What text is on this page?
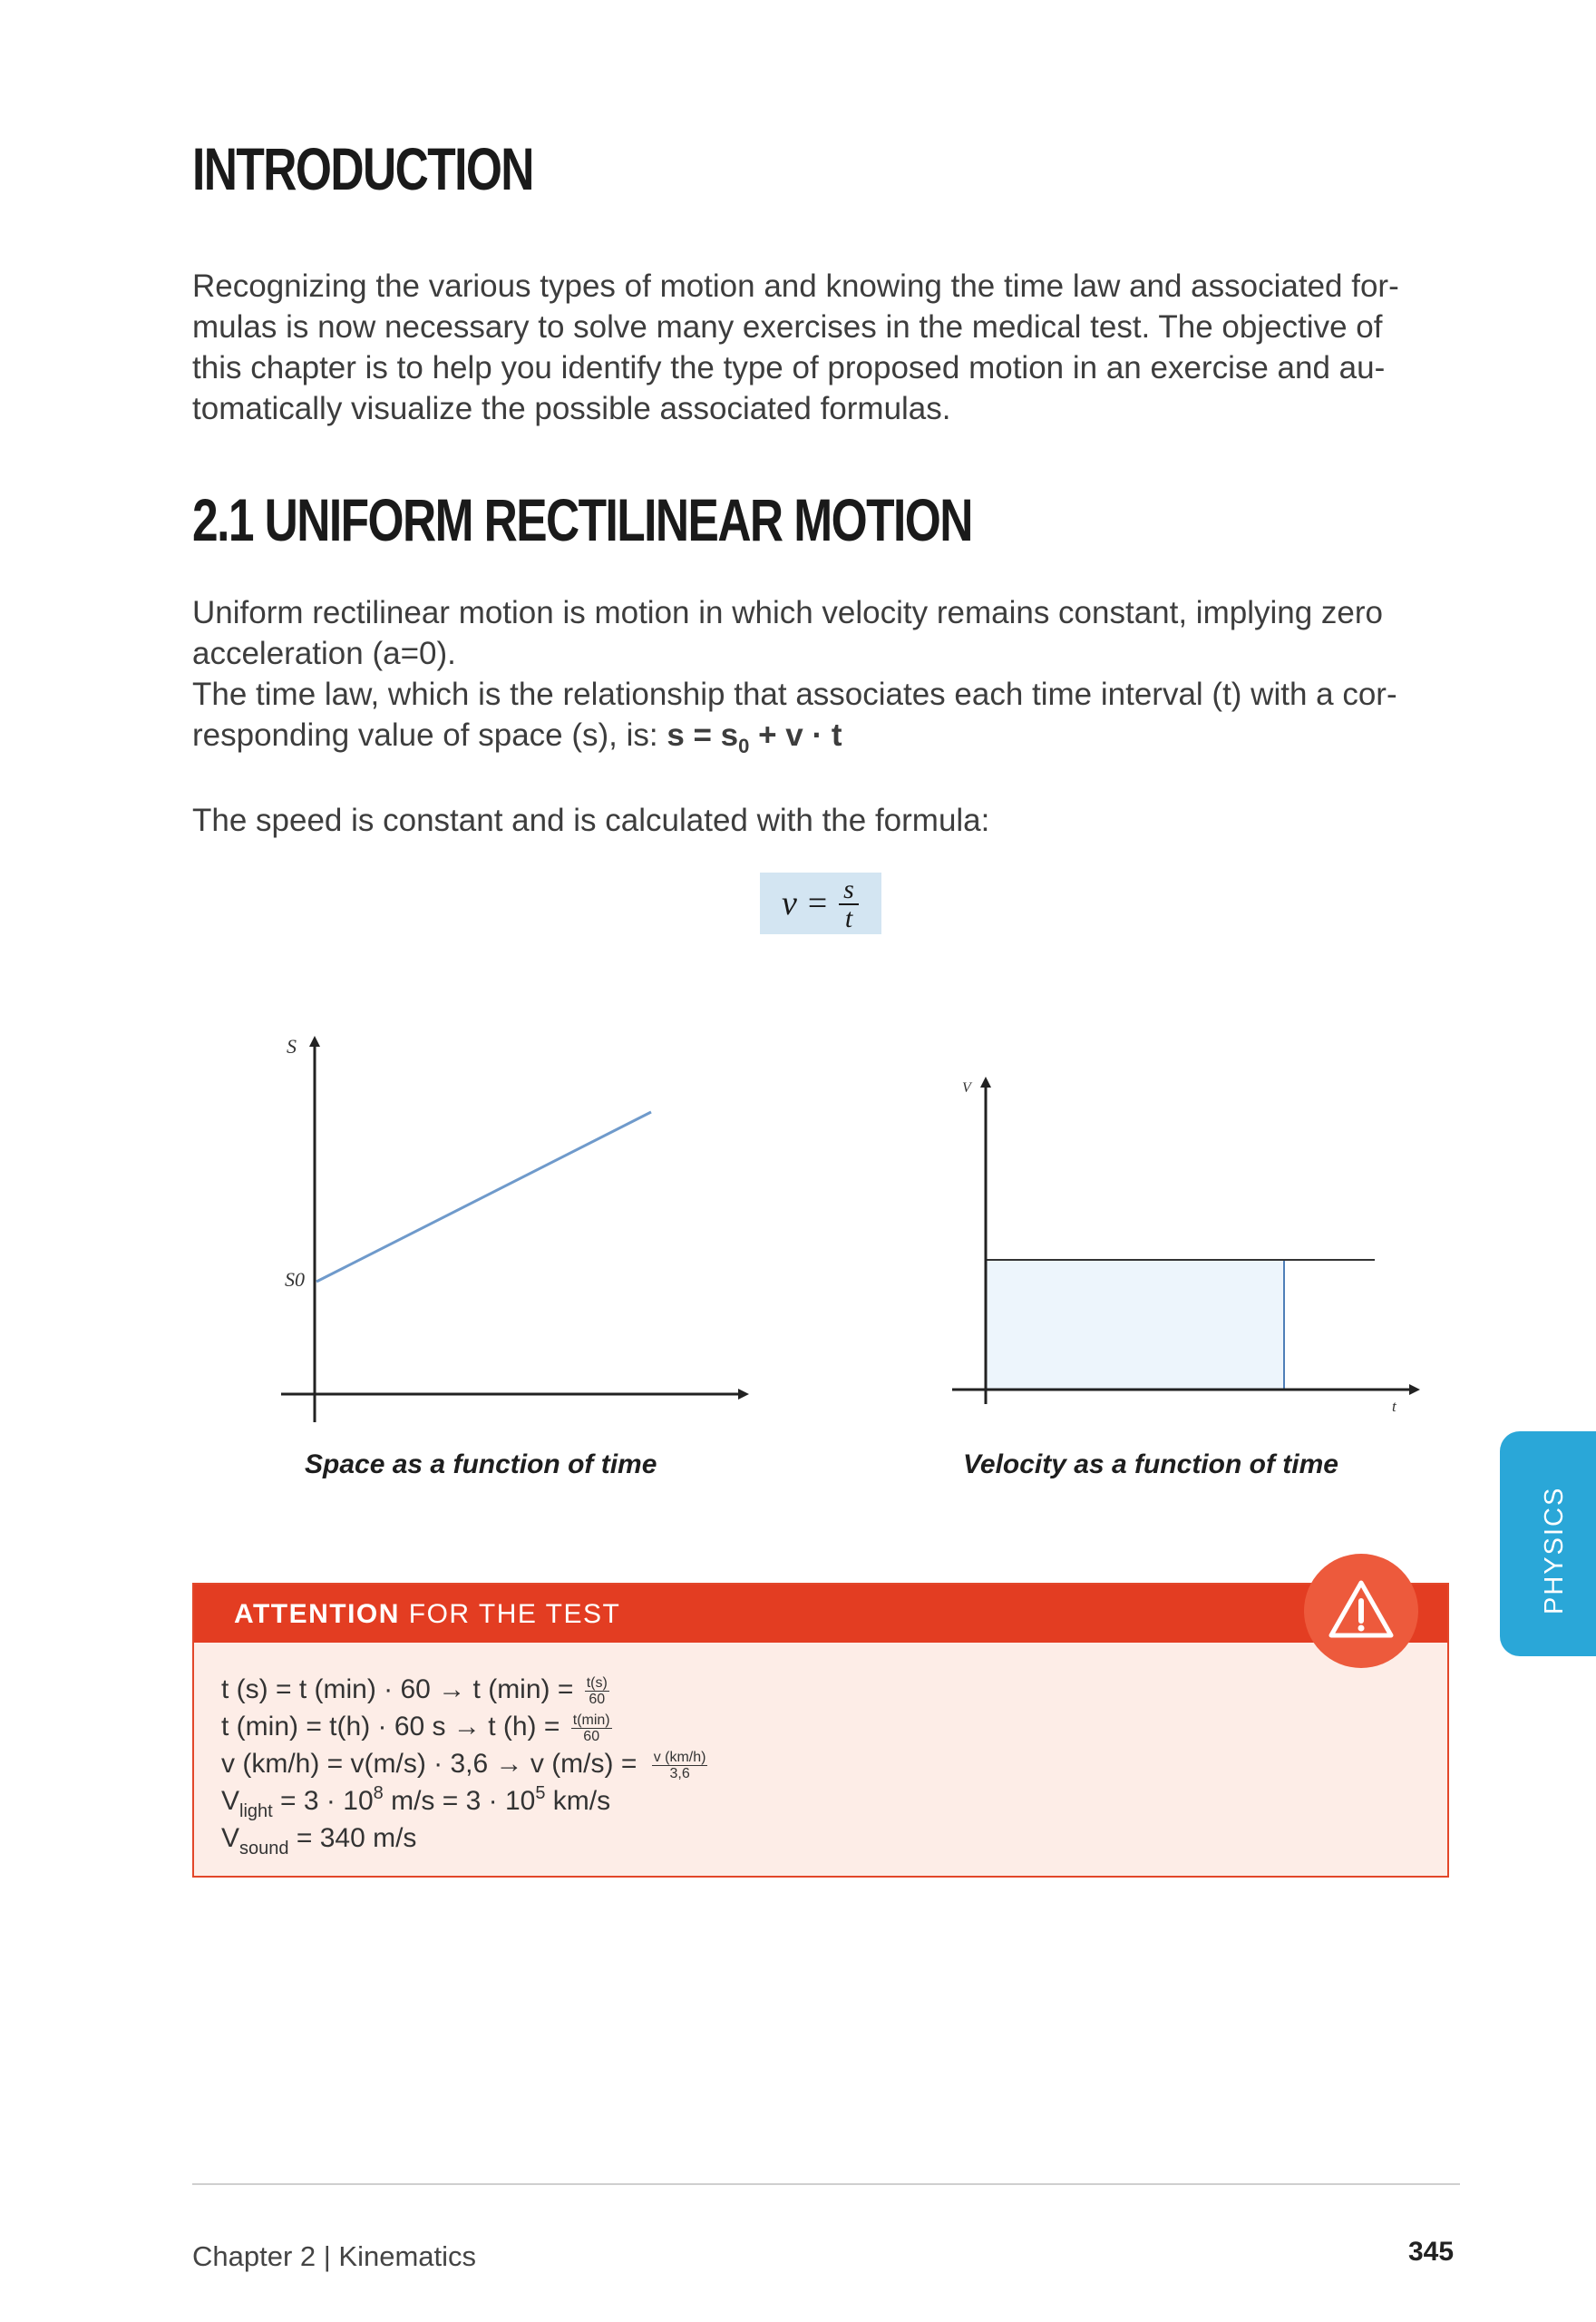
INTRODUCTION
Recognizing the various types of motion and knowing the time law and associated for-
mulas is now necessary to solve many exercises in the medical test. The objective of
this chapter is to help you identify the type of proposed motion in an exercise and au-
tomatically visualize the possible associated formulas.
2.1 UNIFORM RECTILINEAR MOTION
Uniform rectilinear motion is motion in which velocity remains constant, implying zero
acceleration (a=0).
The time law, which is the relationship that associates each time interval (t) with a cor-
responding value of space (s), is: $s = s_0 + v \cdot t$
The speed is constant and is calculated with the formula:
v = s
t
S
S0
V
t
Space as a function of time	Velocity as a function of time
ATTENTION FOR THE TEST
t (s) = t (min) · 60 → t $(\min) = \frac{t(s)}{60}$
t (min) = t(h) · 60 s → t $(h) = \frac{t(\min)}{60}$
v (km/h) = v(m/s) · 3,6 → v $(m/s) = \frac{v (km/h)}{3,6}$
$V_{light} = 3 \cdot 10^8$ $m/s = 3 \cdot 10^5$ km/s
$V_{sound} = 340$ m/s
PHYSICS
Chapter 2 | Kinematics	345
